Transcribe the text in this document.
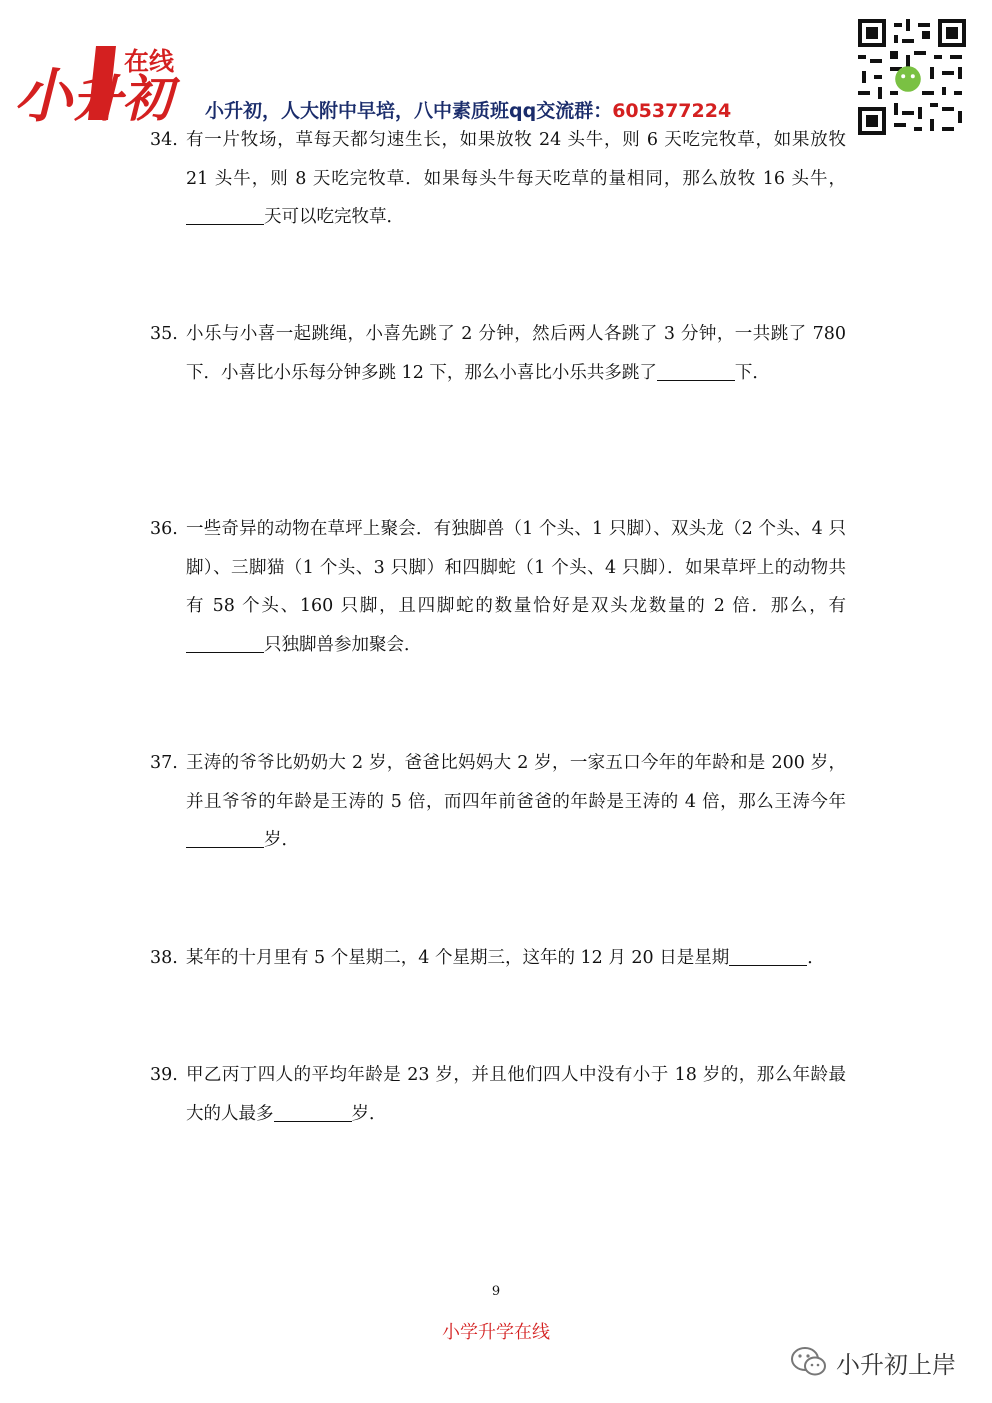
在线
小 升初	小升初，人大附中早培，八中素质班qq交流群：605377224
34. 有一片牧场，草每天都匀速生长，如果放牧 24 头牛，则 6 天吃完牧草，如果放牧 21 头牛，则 8 天吃完牧草．如果每头牛每天吃草的量相同，那么放牧 16 头牛，天可以吃完牧草．
35. 小乐与小喜一起跳绳，小喜先跳了 2 分钟，然后两人各跳了 3 分钟，一共跳了 780 下．小喜比小乐每分钟多跳 12 下，那么小喜比小乐共多跳了	下．
36. 一些奇异的动物在草坪上聚会．有独脚兽（1 个头、1 只脚）、双头龙（2 个头、4 只脚）、三脚猫（1 个头、3 只脚）和四脚蛇（1 个头、4 只脚）．如果草坪上的动物共有 58 个头、160 只脚，且四脚蛇的数量恰好是双头龙数量的 2 倍．那么，有只独脚兽参加聚会．
37. 王涛的爷爷比奶奶大 2 岁，爸爸比妈妈大 2 岁，一家五口今年的年龄和是 200 岁，并且爷爷的年龄是王涛的 5 倍，而四年前爸爸的年龄是王涛的 4 倍，那么王涛今年岁．
38. 某年的十月里有 5 个星期二，4 个星期三，这年的 12 月 20 日是星期	．
39. 甲乙丙丁四人的平均年龄是 23 岁，并且他们四人中没有小于 18 岁的，那么年龄最大的人最多	岁．
9
小学升学在线
小升初上岸
